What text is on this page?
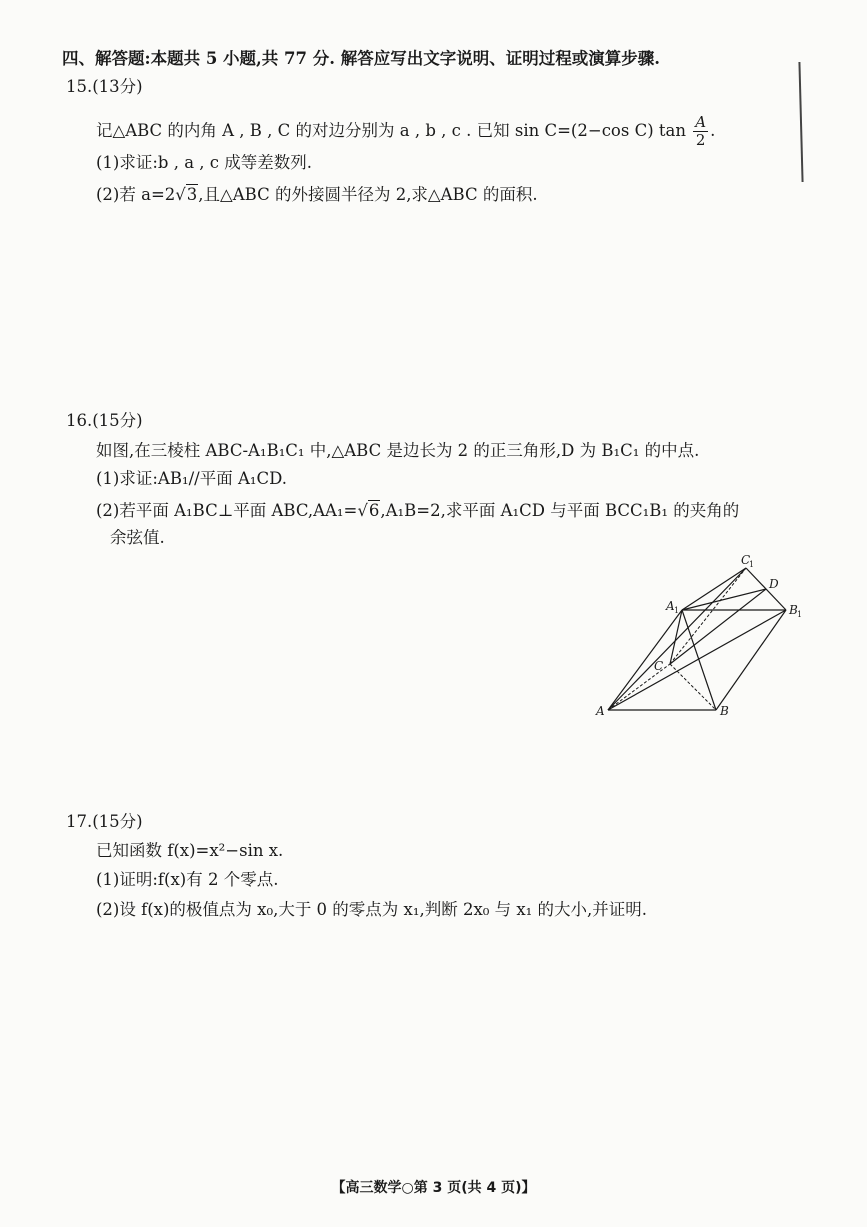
四、解答题:本题共 5 小题,共 77 分. 解答应写出文字说明、证明过程或演算步骤.
15.(13分)
记△ABC 的内角 A , B , C 的对边分别为 a , b , c . 已知 sin C=(2−cos C) $\tan \frac{A}{2}$ .
(1)求证:b , a , c 成等差数列.
(2)若 a=2√3,且△ABC 的外接圆半径为 2,求△ABC 的面积.
16.(15分)
如图,在三棱柱 ABC-A₁B₁C₁ 中,△ABC 是边长为 2 的正三角形,D 为 B₁C₁ 的中点.
(1)求证:AB₁//平面 A₁CD.
(2)若平面 A₁BC⊥平面 ABC,AA₁=√6,A₁B=2,求平面 A₁CD 与平面 BCC₁B₁ 的夹角的
余弦值.
A	B
C
A 1	B 1
C
1
D
17.(15分)
已知函数 f(x)=x²−sin x.
(1)证明:f(x)有 2 个零点.
(2)设 f(x)的极值点为 x₀,大于 0 的零点为 x₁,判断 2x₀ 与 x₁ 的大小,并证明.
【高三数学○第 3 页(共 4 页)】
